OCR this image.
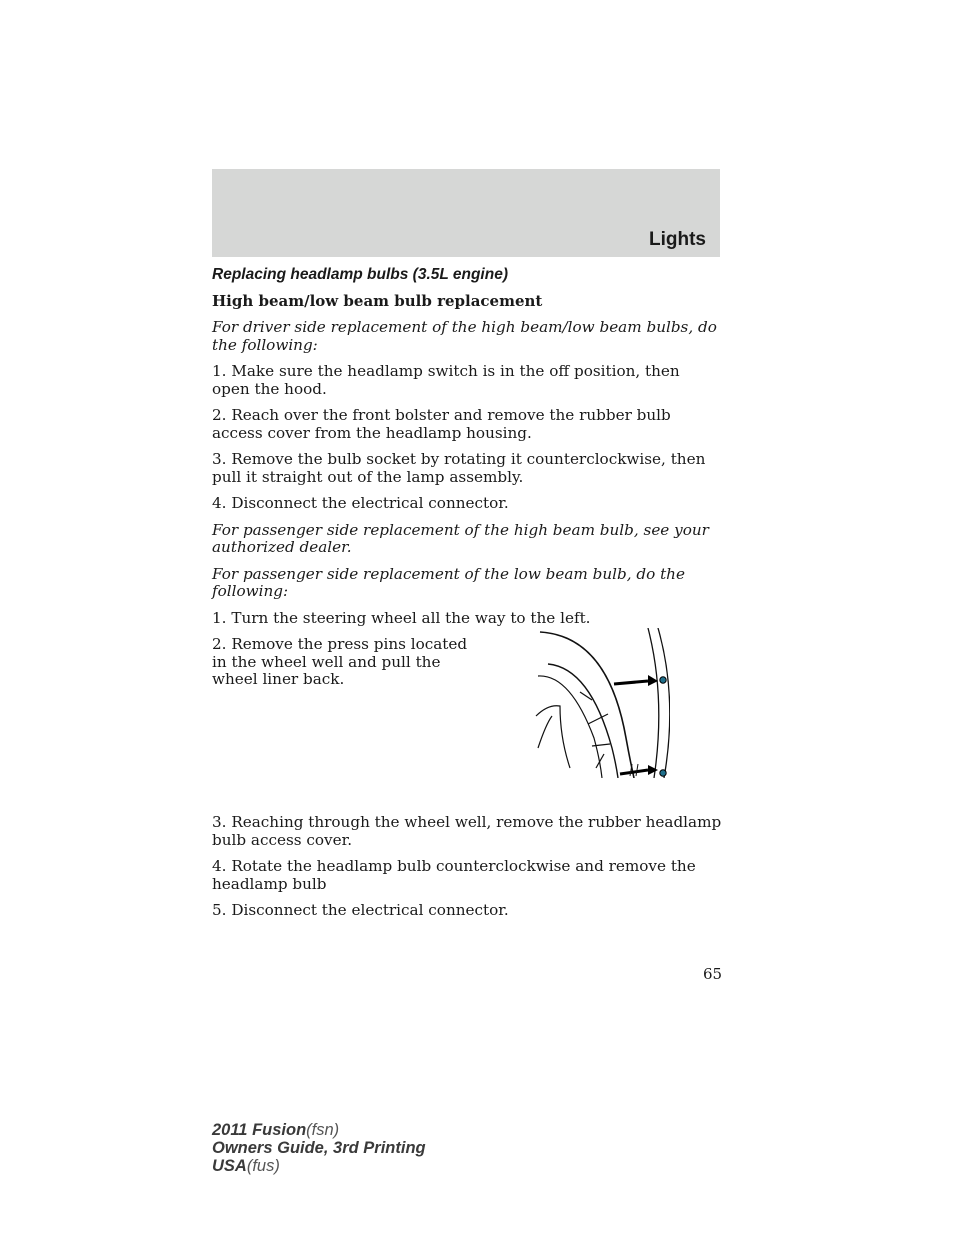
Lights

Replacing headlamp bulbs (3.5L engine)

High beam/low beam bulb replacement

For driver side replacement of the high beam/low beam bulbs, do the following:

1. Make sure the headlamp switch is in the off position, then open the hood.

2. Reach over the front bolster and remove the rubber bulb access cover from the headlamp housing.

3. Remove the bulb socket by rotating it counterclockwise, then pull it straight out of the lamp assembly.

4. Disconnect the electrical connector.

For passenger side replacement of the high beam bulb, see your authorized dealer.

For passenger side replacement of the low beam bulb, do the following:

1. Turn the steering wheel all the way to the left.

2. Remove the press pins located in the wheel well and pull the wheel liner back.

3. Reaching through the wheel well, remove the rubber headlamp bulb access cover.

4. Rotate the headlamp bulb counterclockwise and remove the headlamp bulb

5. Disconnect the electrical connector.

65
2011 Fusion(fsn)
Owners Guide, 3rd Printing
USA(fus)
